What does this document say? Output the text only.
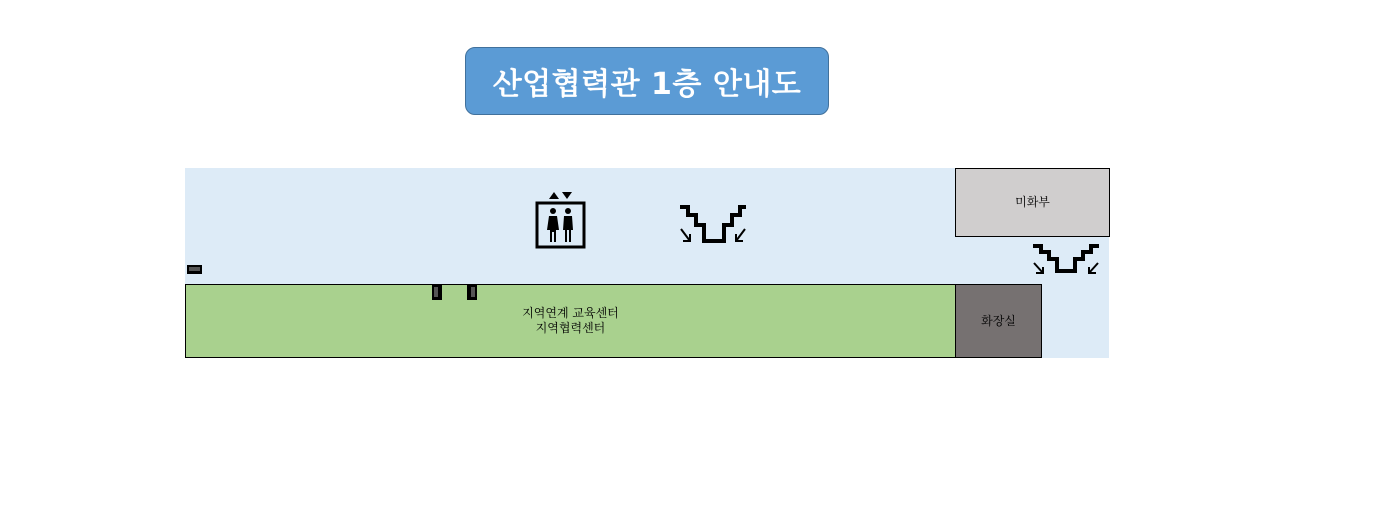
산업협력관 1층 안내도
지역연계 교육센터
지역협력센터
미화부
화장실
